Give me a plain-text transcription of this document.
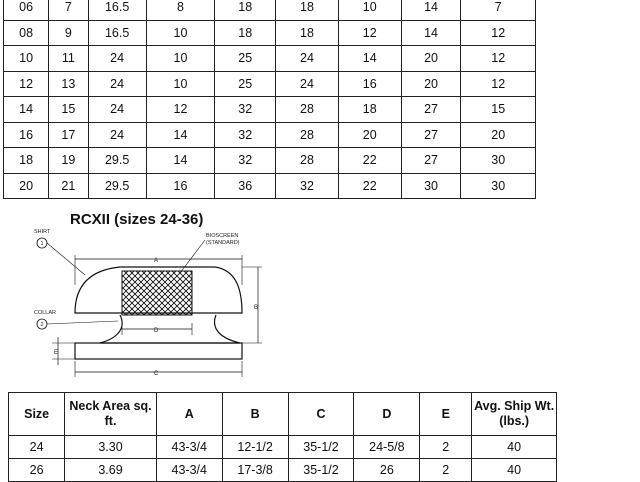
06	7	16.5	8	18	18	10	14	7
08	9	16.5	10	18	18	12	14	12
10	11	24	10	25	24	14	20	12
12	13	24	10	25	24	16	20	12
14	15	24	12	32	28	18	27	15
16	17	24	14	32	28	20	27	20
18	19	29.5	14	32	28	22	27	30
20	21	29.5	16	36	32	22	30	30
RCXII (sizes 24-36)
A
B
D
E
C
SHIRT
1
BIOSCREEN
(STANDARD)
COLLAR
2
Size	Neck Area sq. ft.	A	B	C	D	E	Avg. Ship Wt. (lbs.)
24	3.30	43-3/4	12-1/2	35-1/2	24-5/8	2	40
26	3.69	43-3/4	17-3/8	35-1/2	26	2	40
